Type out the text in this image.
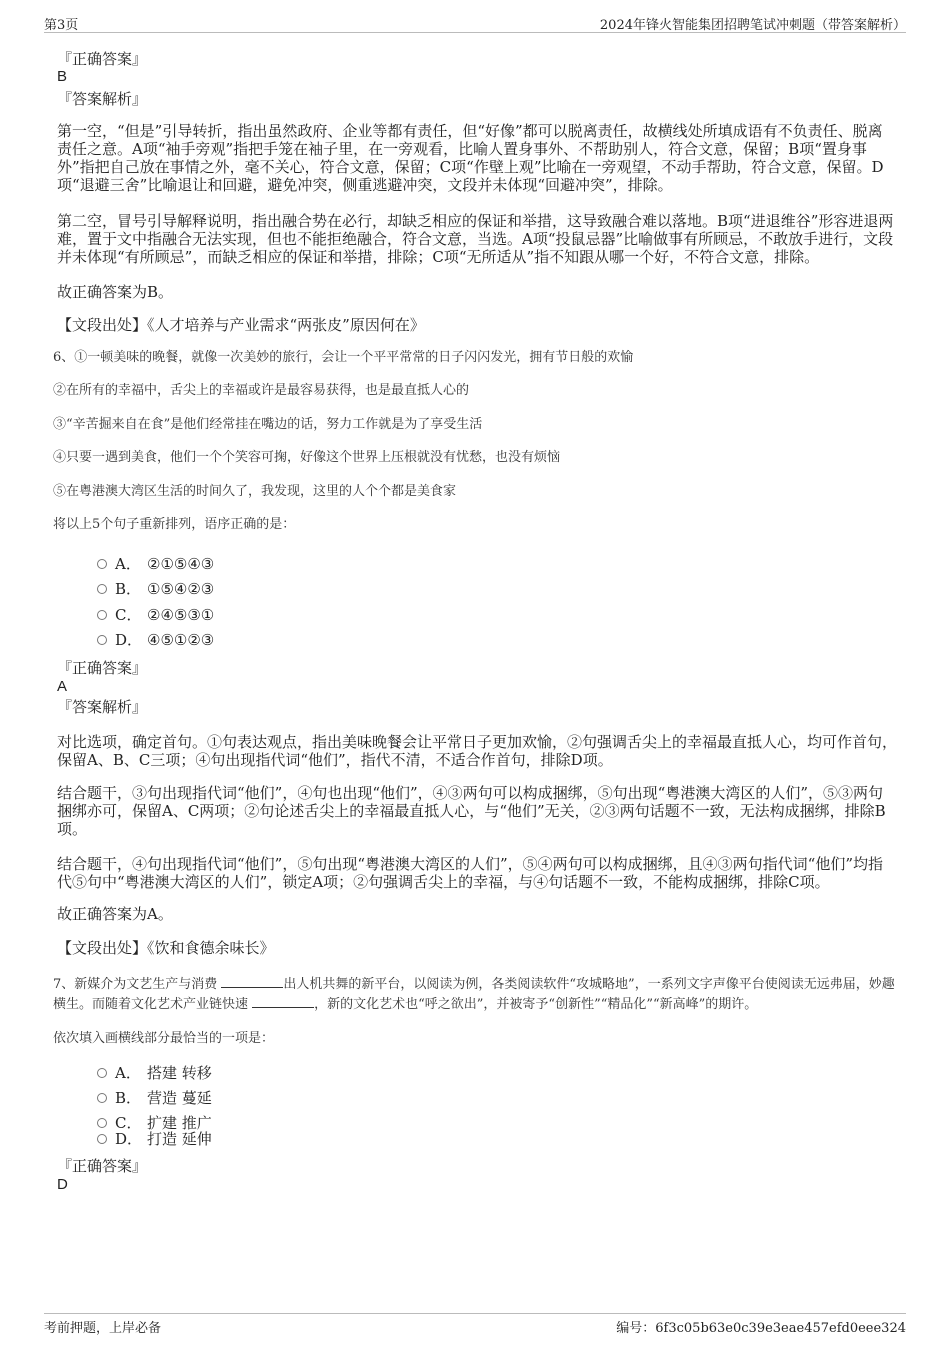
第3页	2024年锋火智能集团招聘笔试冲刺题（带答案解析）
『正确答案』
B
『答案解析』

第一空，“但是”引导转折，指出虽然政府、企业等都有责任，但“好像”都可以脱离责任，故横线处所填成语有不负责任、脱离责任之意。A项“袖手旁观”指把手笼在袖子里，在一旁观看，比喻人置身事外、不帮助别人，符合文意，保留；B项“置身事外”指把自己放在事情之外，毫不关心，符合文意，保留；C项“作壁上观”比喻在一旁观望，不动手帮助，符合文意，保留。D项“退避三舍”比喻退让和回避，避免冲突，侧重逃避冲突，文段并未体现“回避冲突”，排除。

第二空，冒号引导解释说明，指出融合势在必行，却缺乏相应的保证和举措，这导致融合难以落地。B项“进退维谷”形容进退两难，置于文中指融合无法实现，但也不能拒绝融合，符合文意，当选。A项“投鼠忌器”比喻做事有所顾忌，不敢放手进行，文段并未体现“有所顾忌”，而缺乏相应的保证和举措，排除；C项“无所适从”指不知跟从哪一个好，不符合文意，排除。

故正确答案为B。

【文段出处】《人才培养与产业需求“两张皮”原因何在》

6、①一顿美味的晚餐，就像一次美妙的旅行，会让一个平平常常的日子闪闪发光，拥有节日般的欢愉

②在所有的幸福中，舌尖上的幸福或许是最容易获得，也是最直抵人心的

③“辛苦掘来自在食”是他们经常挂在嘴边的话，努力工作就是为了享受生活

④只要一遇到美食，他们一个个笑容可掬，好像这个世界上压根就没有忧愁，也没有烦恼

⑤在粤港澳大湾区生活的时间久了，我发现，这里的人个个都是美食家

将以上5个句子重新排列，语序正确的是：

A． ②①⑤④③
B． ①⑤④②③
C． ②④⑤③①
D． ④⑤①②③
『正确答案』
A
『答案解析』

对比选项，确定首句。①句表达观点，指出美味晚餐会让平常日子更加欢愉，②句强调舌尖上的幸福最直抵人心，均可作首句，保留A、B、C三项；④句出现指代词“他们”，指代不清，不适合作首句，排除D项。

结合题干，③句出现指代词“他们”，④句也出现“他们”，④③两句可以构成捆绑，⑤句出现“粤港澳大湾区的人们”，⑤③两句捆绑亦可，保留A、C两项；②句论述舌尖上的幸福最直抵人心，与“他们”无关，②③两句话题不一致，无法构成捆绑，排除B项。

结合题干，④句出现指代词“他们”，⑤句出现“粤港澳大湾区的人们”，⑤④两句可以构成捆绑，且④③两句指代词“他们”均指代⑤句中“粤港澳大湾区的人们”，锁定A项；②句强调舌尖上的幸福，与④句话题不一致，不能构成捆绑，排除C项。

故正确答案为A。

【文段出处】《饮和食德余味长》

7、新媒介为文艺生产与消费	出人机共舞的新平台，以阅读为例，各类阅读软件“攻城略地”，一系列文字声像平台使阅读无远弗届，妙趣横生。而随着文化艺术产业链快速	，新的文化艺术也“呼之欲出”，并被寄予“创新性”“精品化”“新高峰”的期许。

依次填入画横线部分最恰当的一项是：

A． 搭建 转移
B． 营造 蔓延
C． 扩建 推广
D． 打造 延伸
『正确答案』
D
考前押题，上岸必备	编号：6f3c05b63e0c39e3eae457efd0eee324
